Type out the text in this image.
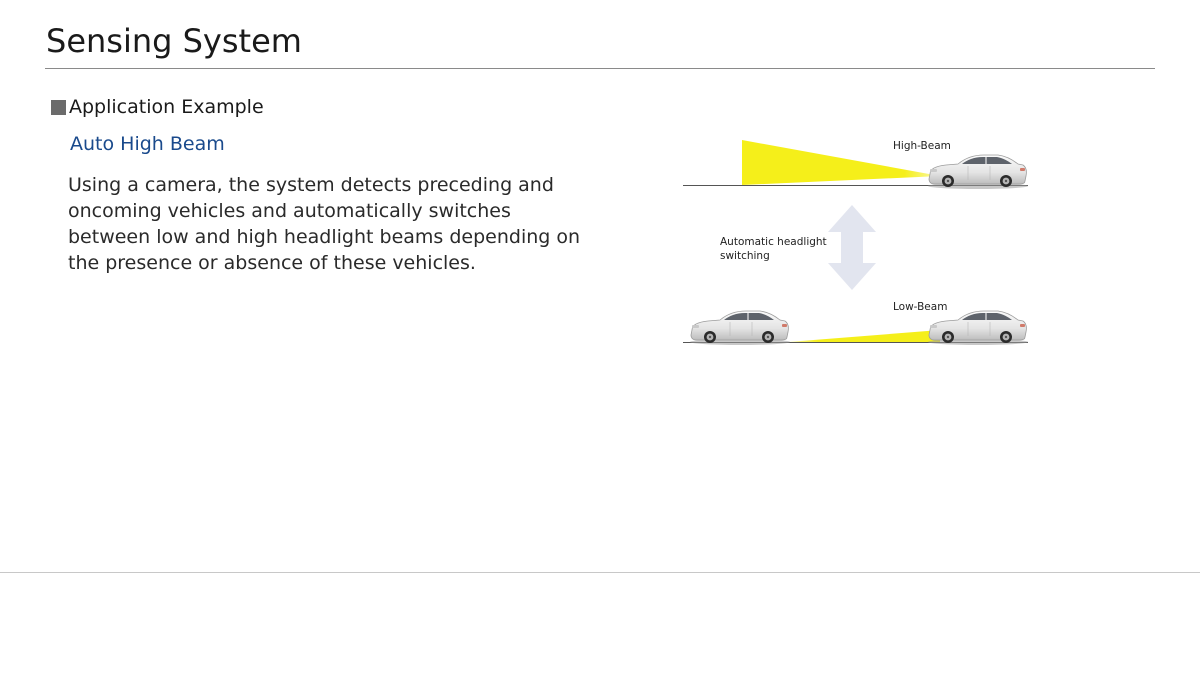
Sensing System
Application Example
Auto High Beam
Using a camera, the system detects preceding and oncoming vehicles and automatically switches between low and high headlight beams depending on the presence or absence of these vehicles.
High-Beam
Automatic headlight
switching
Low-Beam
